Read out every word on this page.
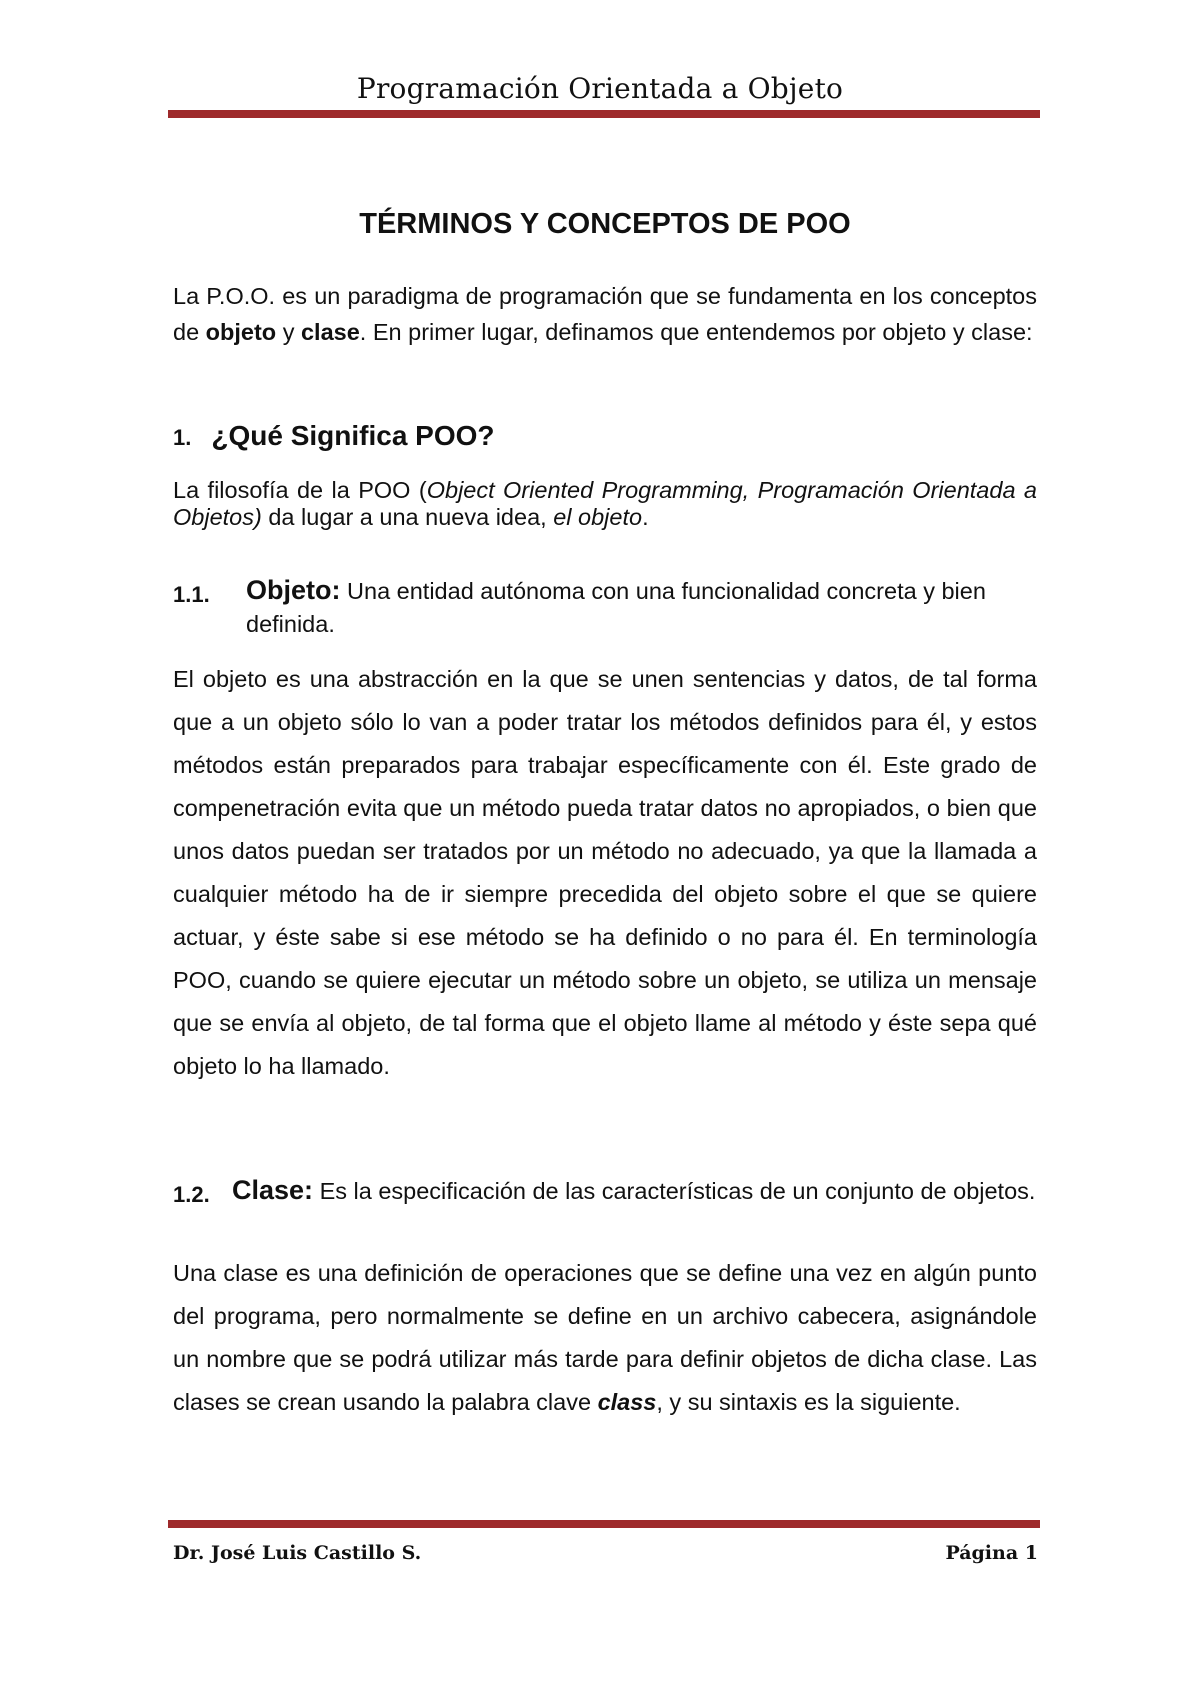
Programación Orientada a Objeto
TÉRMINOS Y CONCEPTOS DE POO

La P.O.O. es un paradigma de programación que se fundamenta en los conceptos de objeto y clase. En primer lugar, definamos que entendemos por objeto y clase:

1. ¿Qué Significa POO?

La filosofía de la POO (Object Oriented Programming, Programación Orientada a Objetos) da lugar a una nueva idea, el objeto.

1.1. Objeto: Una entidad autónoma con una funcionalidad concreta y bien definida.

El objeto es una abstracción en la que se unen sentencias y datos, de tal forma que a un objeto sólo lo van a poder tratar los métodos definidos para él, y estos métodos están preparados para trabajar específicamente con él. Este grado de compenetración evita que un método pueda tratar datos no apropiados, o bien que unos datos puedan ser tratados por un método no adecuado, ya que la llamada a cualquier método ha de ir siempre precedida del objeto sobre el que se quiere actuar, y éste sabe si ese método se ha definido o no para él. En terminología POO, cuando se quiere ejecutar un método sobre un objeto, se utiliza un mensaje que se envía al objeto, de tal forma que el objeto llame al método y éste sepa qué objeto lo ha llamado.

1.2. Clase: Es la especificación de las características de un conjunto de objetos.

Una clase es una definición de operaciones que se define una vez en algún punto del programa, pero normalmente se define en un archivo cabecera, asignándole un nombre que se podrá utilizar más tarde para definir objetos de dicha clase. Las clases se crean usando la palabra clave class, y su sintaxis es la siguiente.

Dr. José Luis Castillo S.	Página 1
